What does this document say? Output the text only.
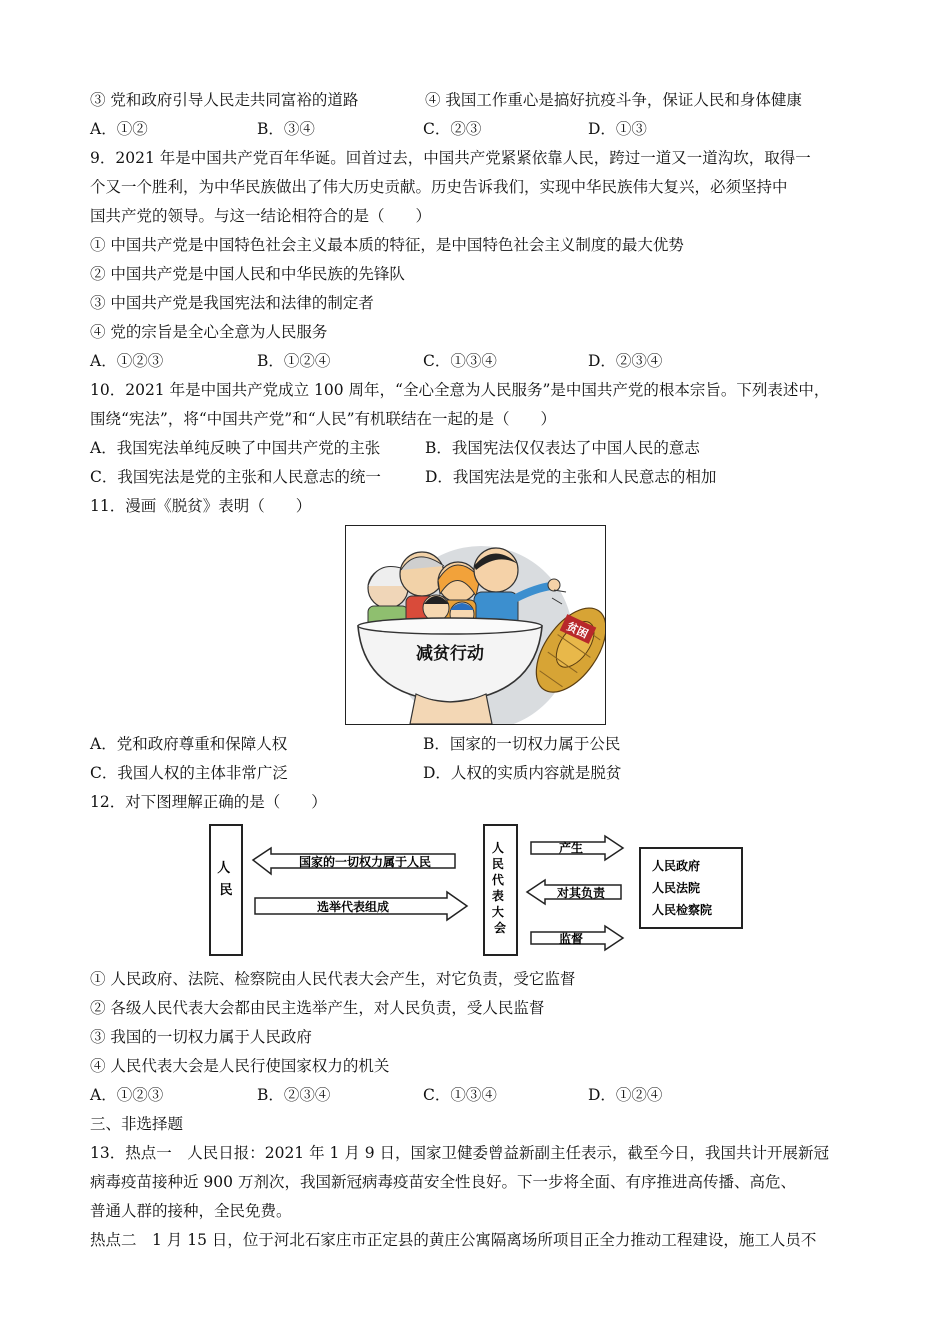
③ 党和政府引导人民走共同富裕的道路	④ 我国工作重心是搞好抗疫斗争，保证人民和身体健康
A．①②	B．③④	C．②③	D．①③
9．2021 年是中国共产党百年华诞。回首过去，中国共产党紧紧依靠人民，跨过一道又一道沟坎，取得一
个又一个胜利，为中华民族做出了伟大历史贡献。历史告诉我们，实现中华民族伟大复兴，必须坚持中
国共产党的领导。与这一结论相符合的是（　　）
① 中国共产党是中国特色社会主义最本质的特征，是中国特色社会主义制度的最大优势
② 中国共产党是中国人民和中华民族的先锋队
③ 中国共产党是我国宪法和法律的制定者
④ 党的宗旨是全心全意为人民服务
A．①②③	B．①②④	C．①③④	D．②③④
10．2021 年是中国共产党成立 100 周年，“全心全意为人民服务”是中国共产党的根本宗旨。下列表述中，
围绕“宪法”，将“中国共产党”和“人民”有机联结在一起的是（　　）
A．我国宪法单纯反映了中国共产党的主张	B．我国宪法仅仅表达了中国人民的意志
C．我国宪法是党的主张和人民意志的统一	D．我国宪法是党的主张和人民意志的相加
11．漫画《脱贫》表明（　　）
减贫行动
贫困
A．党和政府尊重和保障人权	B．国家的一切权力属于公民
C．我国人权的主体非常广泛	D．人权的实质内容就是脱贫
12．对下图理解正确的是（　　）
人 民
国家的一切权力属于人民
选举代表组成
人 民 代 表 大 会
产生
对其负责
监督
人民政府
人民法院
人民检察院
① 人民政府、法院、检察院由人民代表大会产生，对它负责，受它监督
② 各级人民代表大会都由民主选举产生，对人民负责，受人民监督
③ 我国的一切权力属于人民政府
④ 人民代表大会是人民行使国家权力的机关
A．①②③	B．②③④	C．①③④	D．①②④
三、非选择题
13．热点一　人民日报：2021 年 1 月 9 日，国家卫健委曾益新副主任表示，截至今日，我国共计开展新冠
病毒疫苗接种近 900 万剂次，我国新冠病毒疫苗安全性良好。下一步将全面、有序推进高传播、高危、
普通人群的接种，全民免费。
热点二　1 月 15 日，位于河北石家庄市正定县的黄庄公寓隔离场所项目正全力推动工程建设，施工人员不
